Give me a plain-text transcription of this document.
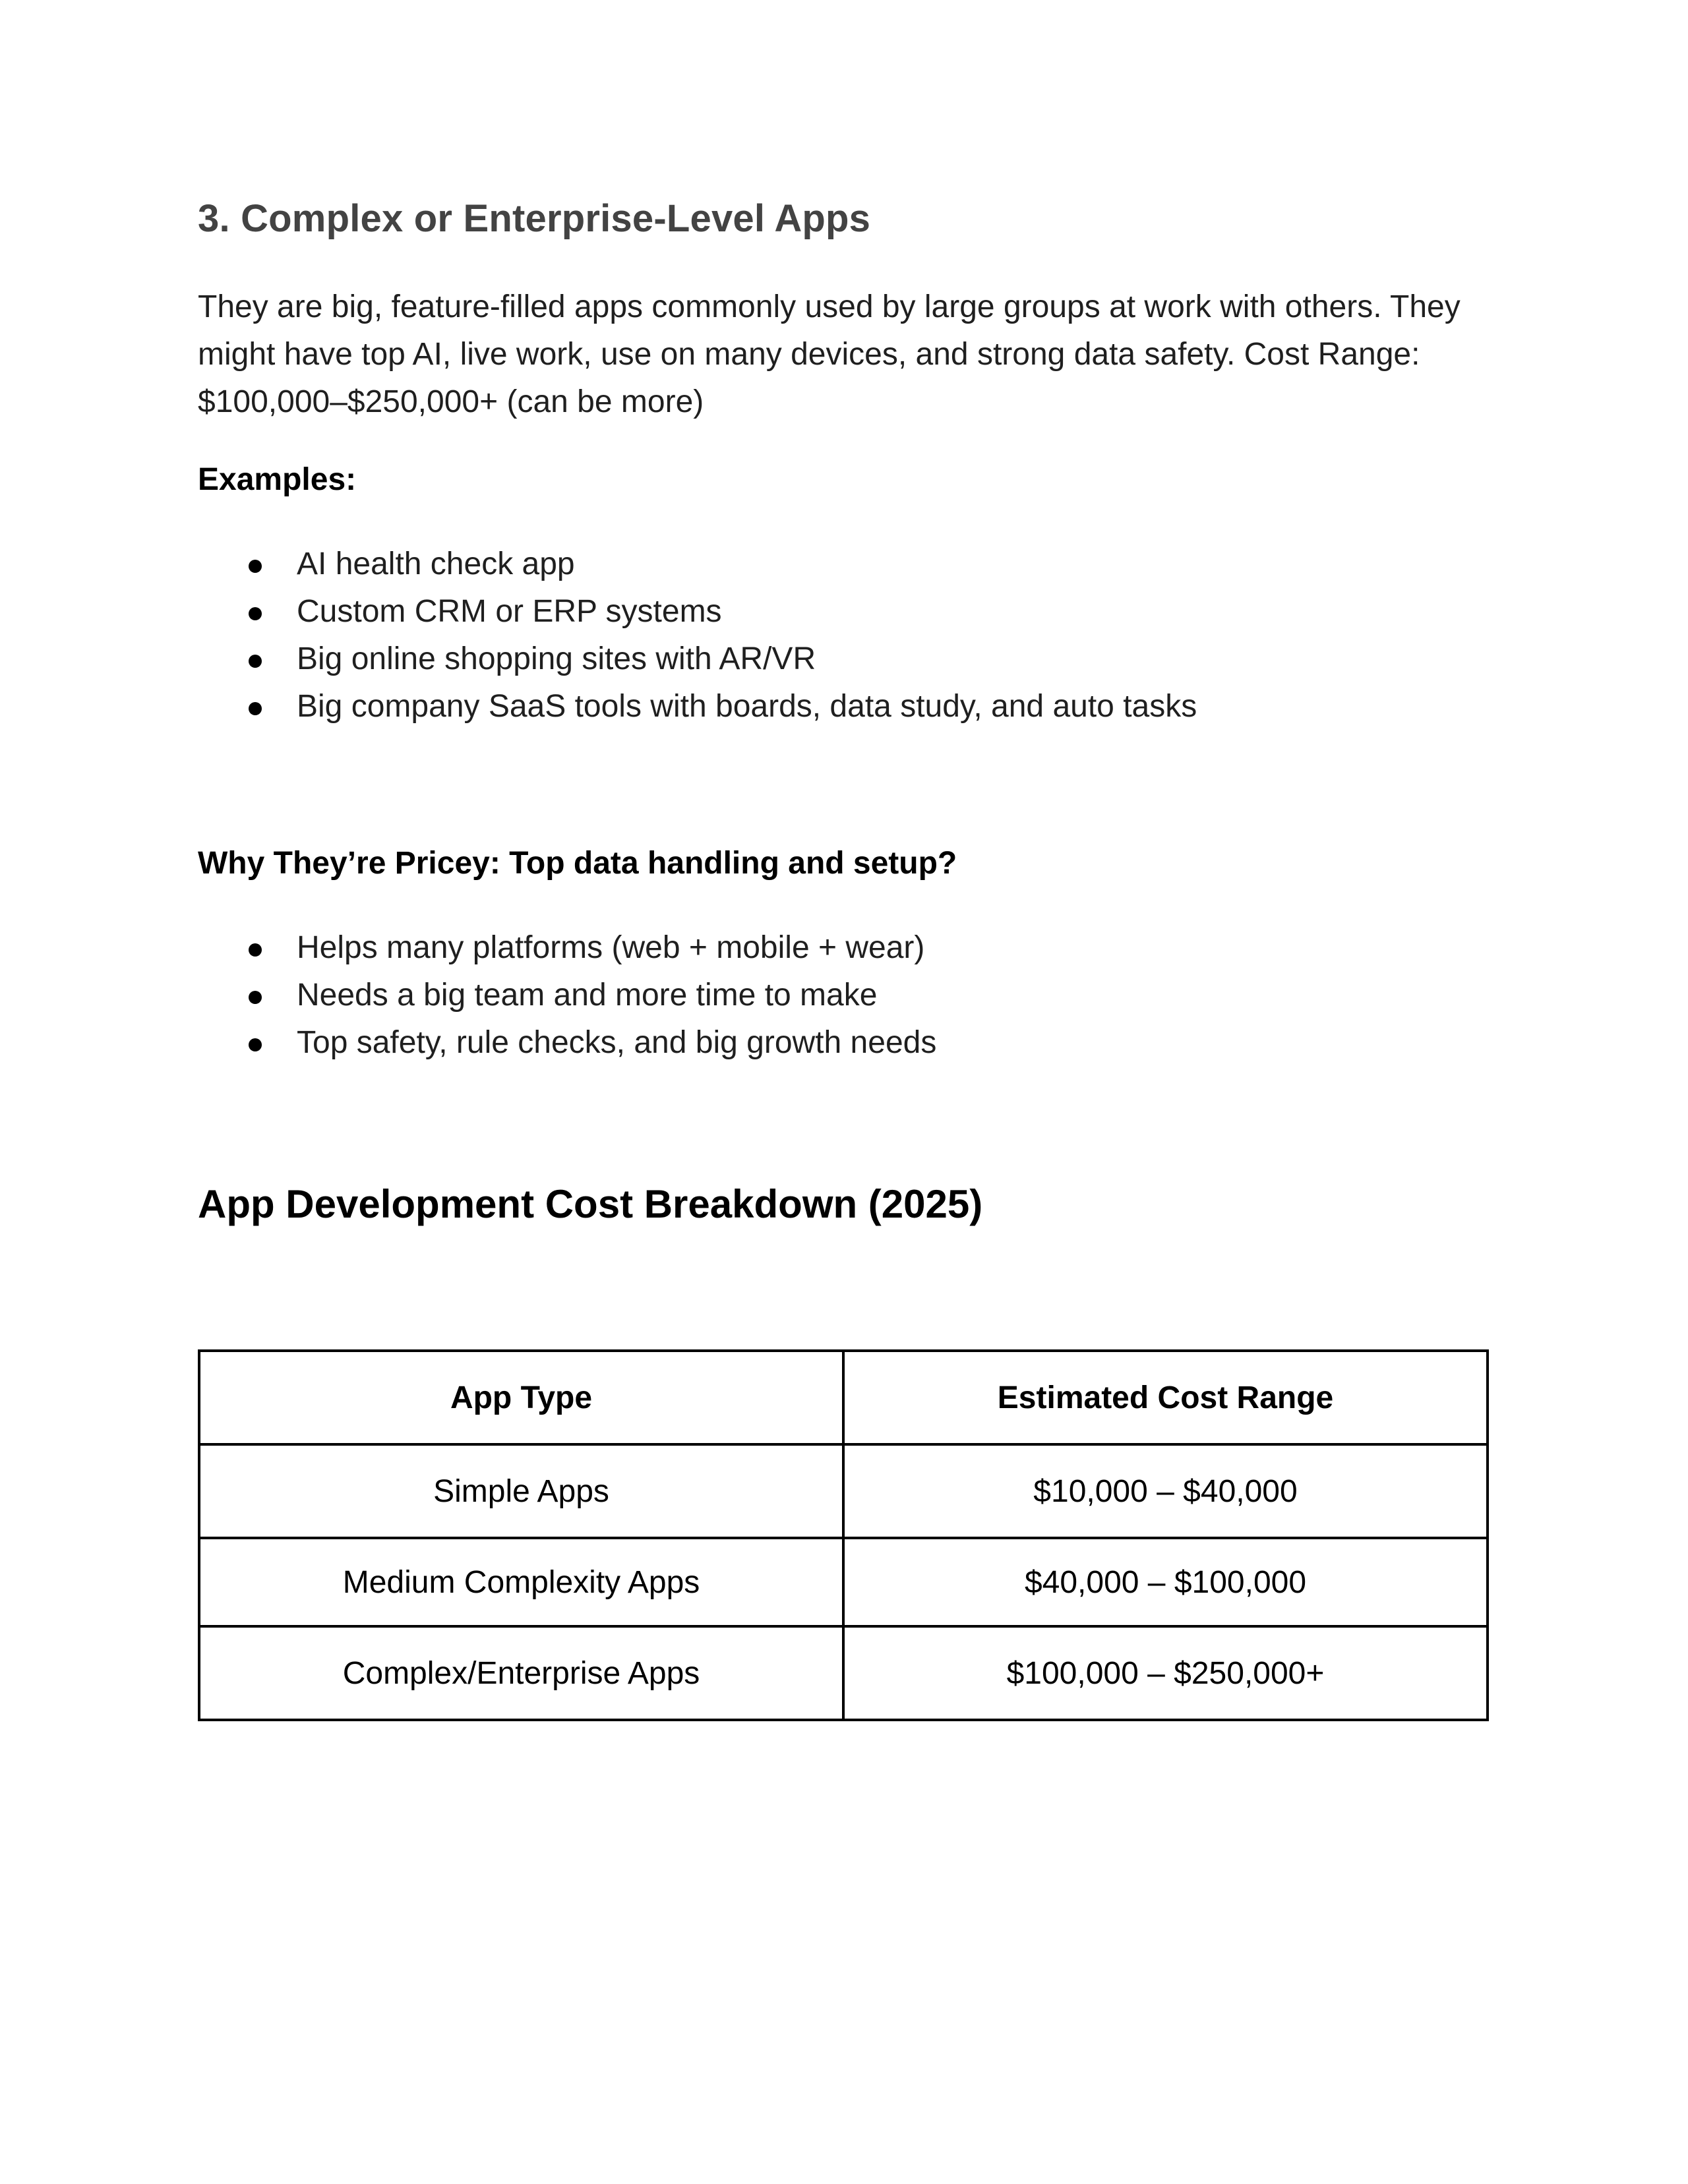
3. Complex or Enterprise-Level Apps

They are big, feature-filled apps commonly used by large groups at work with others. They might have top AI, live work, use on many devices, and strong data safety. Cost Range: $100,000–$250,000+ (can be more)

Examples:

AI health check app
Custom CRM or ERP systems
Big online shopping sites with AR/VR
Big company SaaS tools with boards, data study, and auto tasks

Why They’re Pricey: Top data handling and setup?

Helps many platforms (web + mobile + wear)
Needs a big team and more time to make
Top safety, rule checks, and big growth needs
App Development Cost Breakdown (2025)
App Type	Estimated Cost Range
Simple Apps	$10,000 – $40,000
Medium Complexity Apps	$40,000 – $100,000
Complex/Enterprise Apps	$100,000 – $250,000+
